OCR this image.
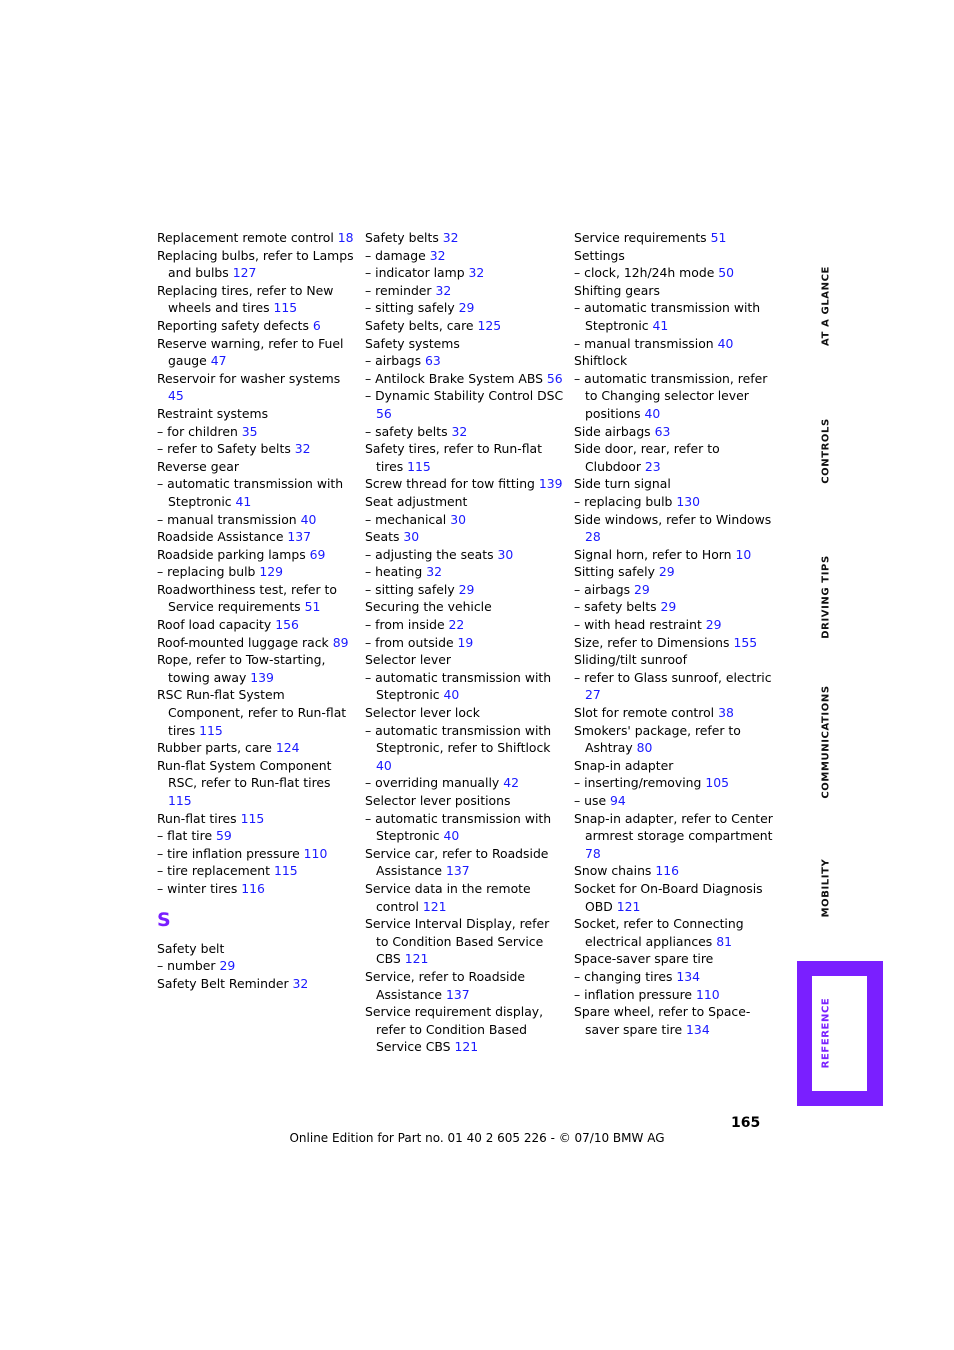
Replacement remote control 18
Replacing bulbs, refer to Lamps and bulbs 127
Replacing tires, refer to New wheels and tires 115
Reporting safety defects 6
Reserve warning, refer to Fuel gauge 47
Reservoir for washer systems 45
Restraint systems
– for children 35
– refer to Safety belts 32
Reverse gear
– automatic transmission with Steptronic 41
– manual transmission 40
Roadside Assistance 137
Roadside parking lamps 69
– replacing bulb 129
Roadworthiness test, refer to Service requirements 51
Roof load capacity 156
Roof-mounted luggage rack 89
Rope, refer to Tow-starting, towing away 139
RSC Run-flat System Component, refer to Run-flat tires 115
Rubber parts, care 124
Run-flat System Component RSC, refer to Run-flat tires 115
Run-flat tires 115
– flat tire 59
– tire inflation pressure 110
– tire replacement 115
– winter tires 116
S
Safety belt
– number 29
Safety Belt Reminder 32
Safety belts 32
– damage 32
– indicator lamp 32
– reminder 32
– sitting safely 29
Safety belts, care 125
Safety systems
– airbags 63
– Antilock Brake System ABS 56
– Dynamic Stability Control DSC 56
– safety belts 32
Safety tires, refer to Run-flat tires 115
Screw thread for tow fitting 139
Seat adjustment
– mechanical 30
Seats 30
– adjusting the seats 30
– heating 32
– sitting safely 29
Securing the vehicle
– from inside 22
– from outside 19
Selector lever
– automatic transmission with Steptronic 40
Selector lever lock
– automatic transmission with Steptronic, refer to Shiftlock 40
– overriding manually 42
Selector lever positions
– automatic transmission with Steptronic 40
Service car, refer to Roadside Assistance 137
Service data in the remote control 121
Service Interval Display, refer to Condition Based Service CBS 121
Service, refer to Roadside Assistance 137
Service requirement display, refer to Condition Based Service CBS 121
Service requirements 51
Settings
– clock, 12h/24h mode 50
Shifting gears
– automatic transmission with Steptronic 41
– manual transmission 40
Shiftlock
– automatic transmission, refer to Changing selector lever positions 40
Side airbags 63
Side door, rear, refer to Clubdoor 23
Side turn signal
– replacing bulb 130
Side windows, refer to Windows 28
Signal horn, refer to Horn 10
Sitting safely 29
– airbags 29
– safety belts 29
– with head restraint 29
Size, refer to Dimensions 155
Sliding/tilt sunroof
– refer to Glass sunroof, electric 27
Slot for remote control 38
Smokers' package, refer to Ashtray 80
Snap-in adapter
– inserting/removing 105
– use 94
Snap-in adapter, refer to Center armrest storage compartment 78
Snow chains 116
Socket for On-Board Diagnosis OBD 121
Socket, refer to Connecting electrical appliances 81
Space-saver spare tire
– changing tires 134
– inflation pressure 110
Spare wheel, refer to Space-saver spare tire 134
AT A GLANCE
CONTROLS
DRIVING TIPS
COMMUNICATIONS
MOBILITY
REFERENCE
165
Online Edition for Part no. 01 40 2 605 226 - © 07/10 BMW AG
